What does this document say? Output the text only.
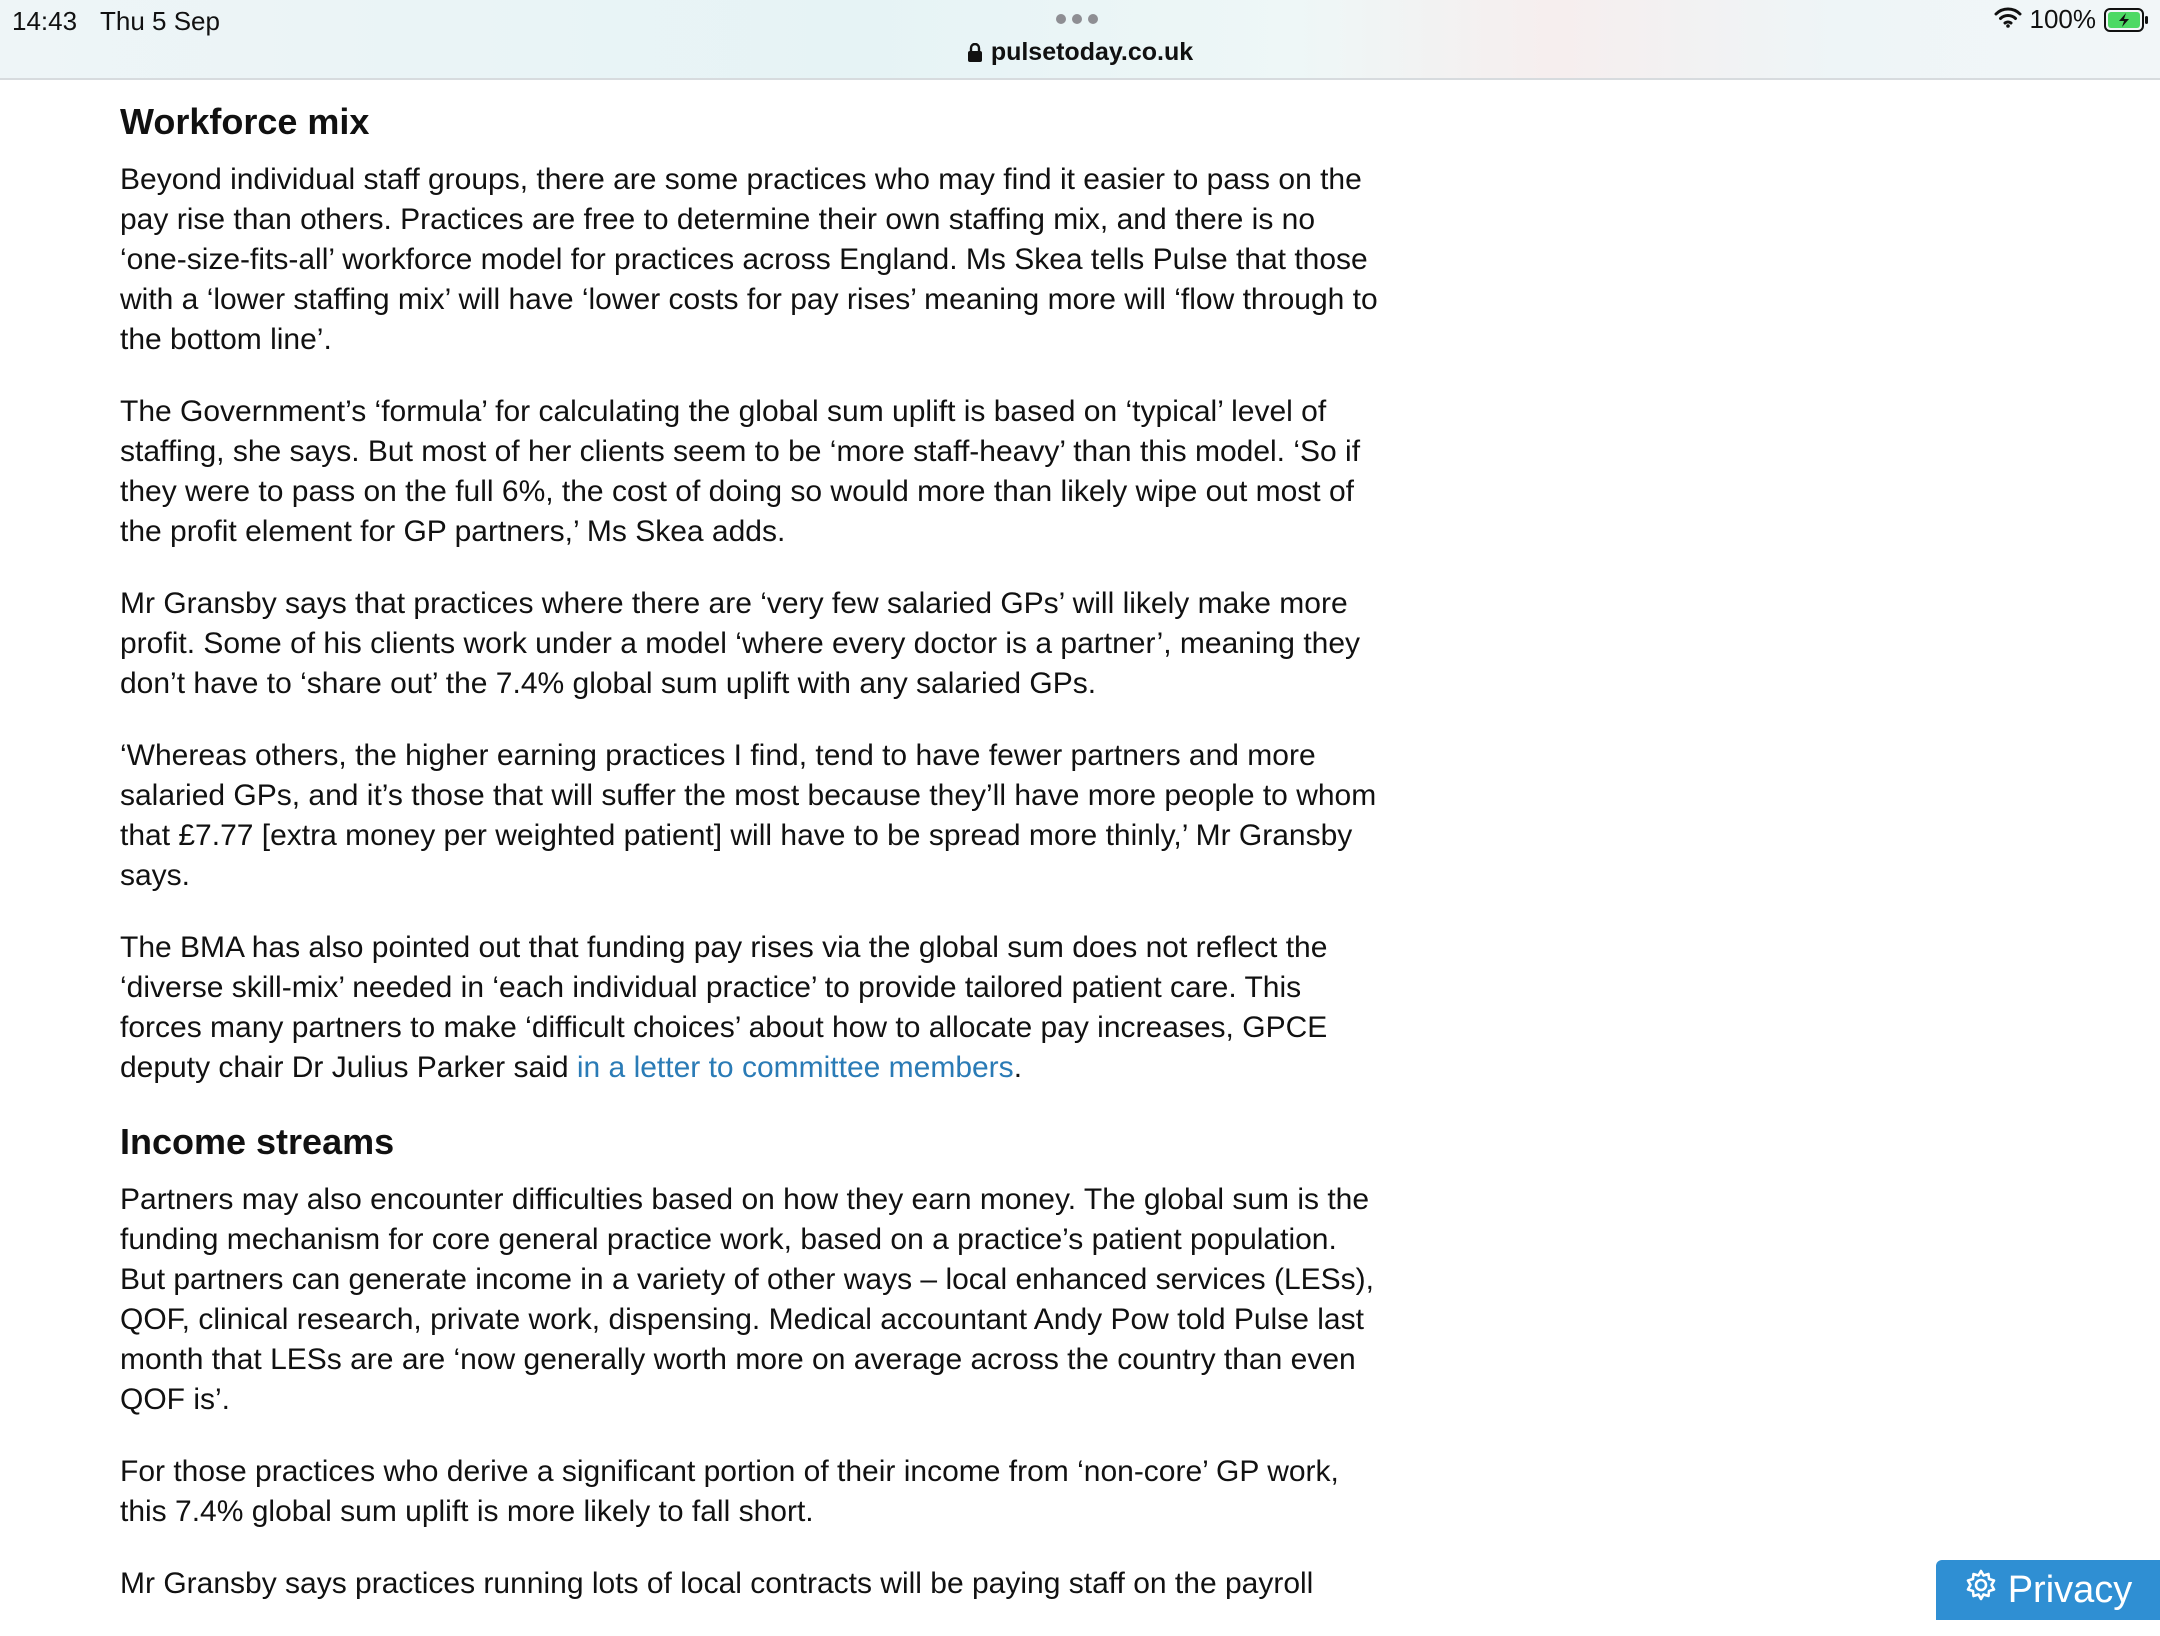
14:43 Thu 5 Sep
pulsetoday.co.uk
100%
Workforce mix

Beyond individual staff groups, there are some practices who may find it easier to pass on the pay rise than others. Practices are free to determine their own staffing mix, and there is no ‘one-size-fits-all’ workforce model for practices across England. Ms Skea tells Pulse that those with a ‘lower staffing mix’ will have ‘lower costs for pay rises’ meaning more will ‘flow through to the bottom line’.

The Government’s ‘formula’ for calculating the global sum uplift is based on ‘typical’ level of staffing, she says. But most of her clients seem to be ‘more staff-heavy’ than this model. ‘So if they were to pass on the full 6%, the cost of doing so would more than likely wipe out most of the profit element for GP partners,’ Ms Skea adds.

Mr Gransby says that practices where there are ‘very few salaried GPs’ will likely make more profit. Some of his clients work under a model ‘where every doctor is a partner’, meaning they don’t have to ‘share out’ the 7.4% global sum uplift with any salaried GPs.

‘Whereas others, the higher earning practices I find, tend to have fewer partners and more salaried GPs, and it’s those that will suffer the most because they’ll have more people to whom that £7.77 [extra money per weighted patient] will have to be spread more thinly,’ Mr Gransby says.

The BMA has also pointed out that funding pay rises via the global sum does not reflect the ‘diverse skill-mix’ needed in ‘each individual practice’ to provide tailored patient care. This forces many partners to make ‘difficult choices’ about how to allocate pay increases, GPCE deputy chair Dr Julius Parker said in a letter to committee members.

Income streams

Partners may also encounter difficulties based on how they earn money. The global sum is the funding mechanism for core general practice work, based on a practice’s patient population. But partners can generate income in a variety of other ways – local enhanced services (LESs), QOF, clinical research, private work, dispensing. Medical accountant Andy Pow told Pulse last month that LESs are are ‘now generally worth more on average across the country than even QOF is’.

For those practices who derive a significant portion of their income from ‘non-core’ GP work, this 7.4% global sum uplift is more likely to fall short.

Mr Gransby says practices running lots of local contracts will be paying staff on the payroll	Privacy
